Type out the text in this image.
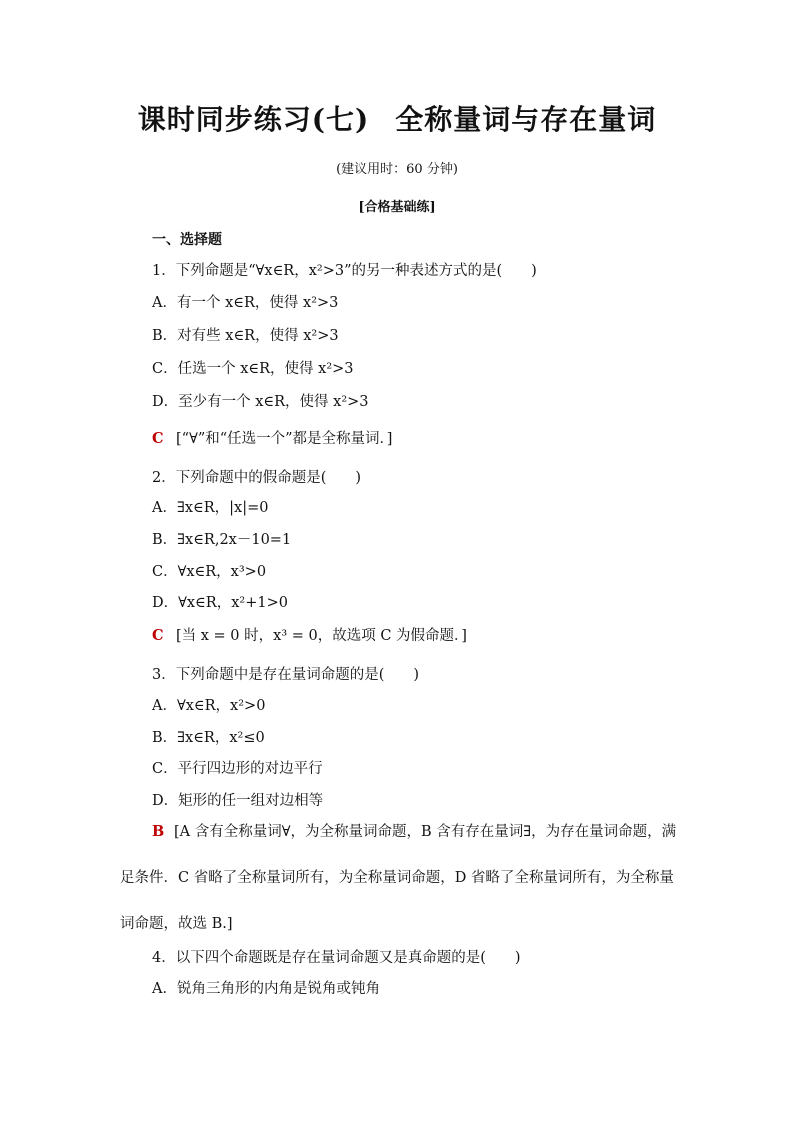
课时同步练习(七) 全称量词与存在量词
(建议用时：60 分钟)
[合格基础练]
一、选择题
1．下列命题是“∀x∈R，x²>3”的另一种表述方式的是(　　)
A．有一个 x∈R，使得 x²>3
B．对有些 x∈R，使得 x²>3
C．任选一个 x∈R，使得 x²>3
D．至少有一个 x∈R，使得 x²>3
C [“∀”和“任选一个”都是全称量词．]
2．下列命题中的假命题是(　　)
A．∃x∈R，|x|=0
B．∃x∈R,2x－10=1
C．∀x∈R，x³>0
D．∀x∈R，x²+1>0
C [当 x = 0 时，x³ = 0，故选项 C 为假命题．]
3．下列命题中是存在量词命题的是(　　)
A．∀x∈R，x²>0
B．∃x∈R，x²≤0
C．平行四边形的对边平行
D．矩形的任一组对边相等
B [A 含有全称量词∀，为全称量词命题，B 含有存在量词∃，为存在量词命题，满足条件．C 省略了全称量词所有，为全称量词命题，D 省略了全称量词所有，为全称量词命题，故选 B.]
4．以下四个命题既是存在量词命题又是真命题的是(　　)
A．锐角三角形的内角是锐角或钝角
